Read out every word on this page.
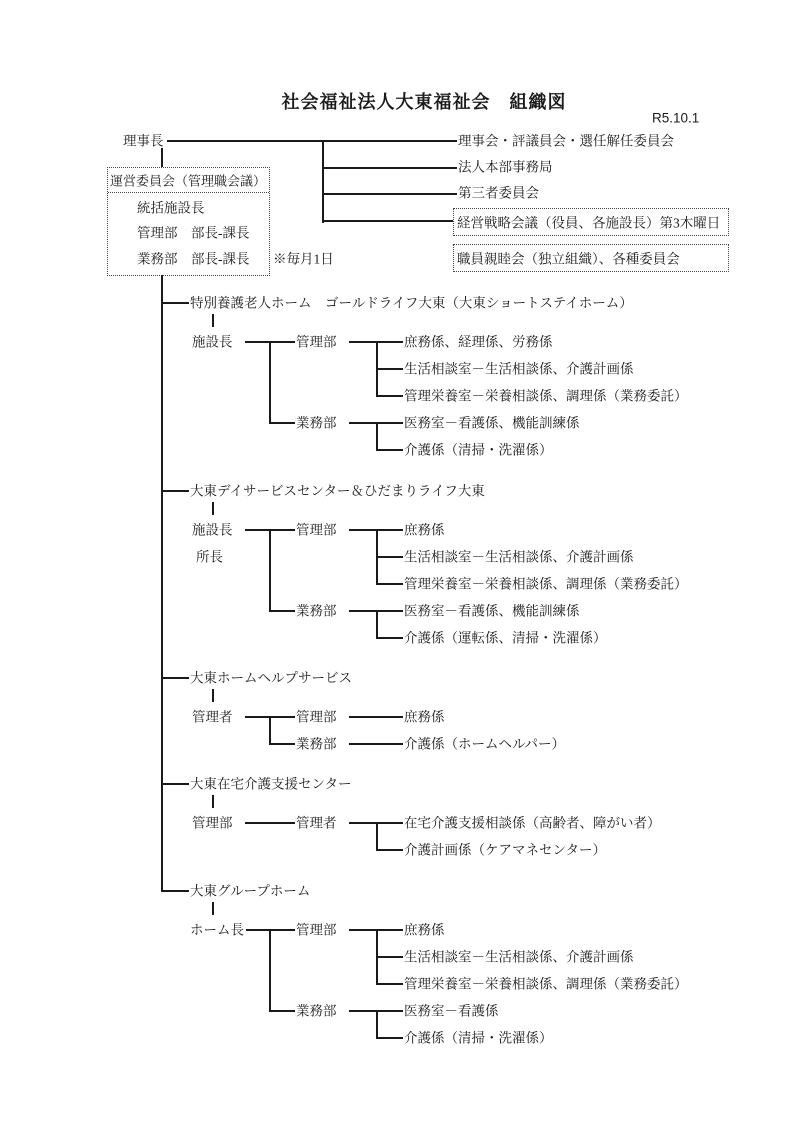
社会福祉法人大東福祉会　組織図
R5.10.1
理事長	理事会・評議員会・選任解任委員会
法人本部事務局
第三者委員会
経営戦略会議（役員、各施設長）第3木曜日
職員親睦会（独立組織）、各種委員会
運営委員会（管理職会議）
統括施設長
管理部　部長-課長
業務部　部長-課長 ※毎月1日
特別養護老人ホーム　ゴールドライフ大東（大東ショートステイホーム）
施設長	管理部
業務部
庶務係、経理係、労務係
生活相談室－生活相談係、介護計画係
管理栄養室－栄養相談係、調理係（業務委託）
医務室－看護係、機能訓練係
介護係（清掃・洗濯係）
大東デイサービスセンター＆ひだまりライフ大東
施設長
所長
管理部
業務部
庶務係
生活相談室－生活相談係、介護計画係
管理栄養室－栄養相談係、調理係（業務委託）
医務室－看護係、機能訓練係
介護係（運転係、清掃・洗濯係）
大東ホームヘルプサービス
管理者	管理部
業務部
庶務係
介護係（ホームヘルパー）
大東在宅介護支援センター
管理部	管理者	在宅介護支援相談係（高齢者、障がい者）
介護計画係（ケアマネセンター）
大東グループホーム
ホーム長	管理部
業務部
庶務係
生活相談室－生活相談係、介護計画係
管理栄養室－栄養相談係、調理係（業務委託）
医務室－看護係
介護係（清掃・洗濯係）
